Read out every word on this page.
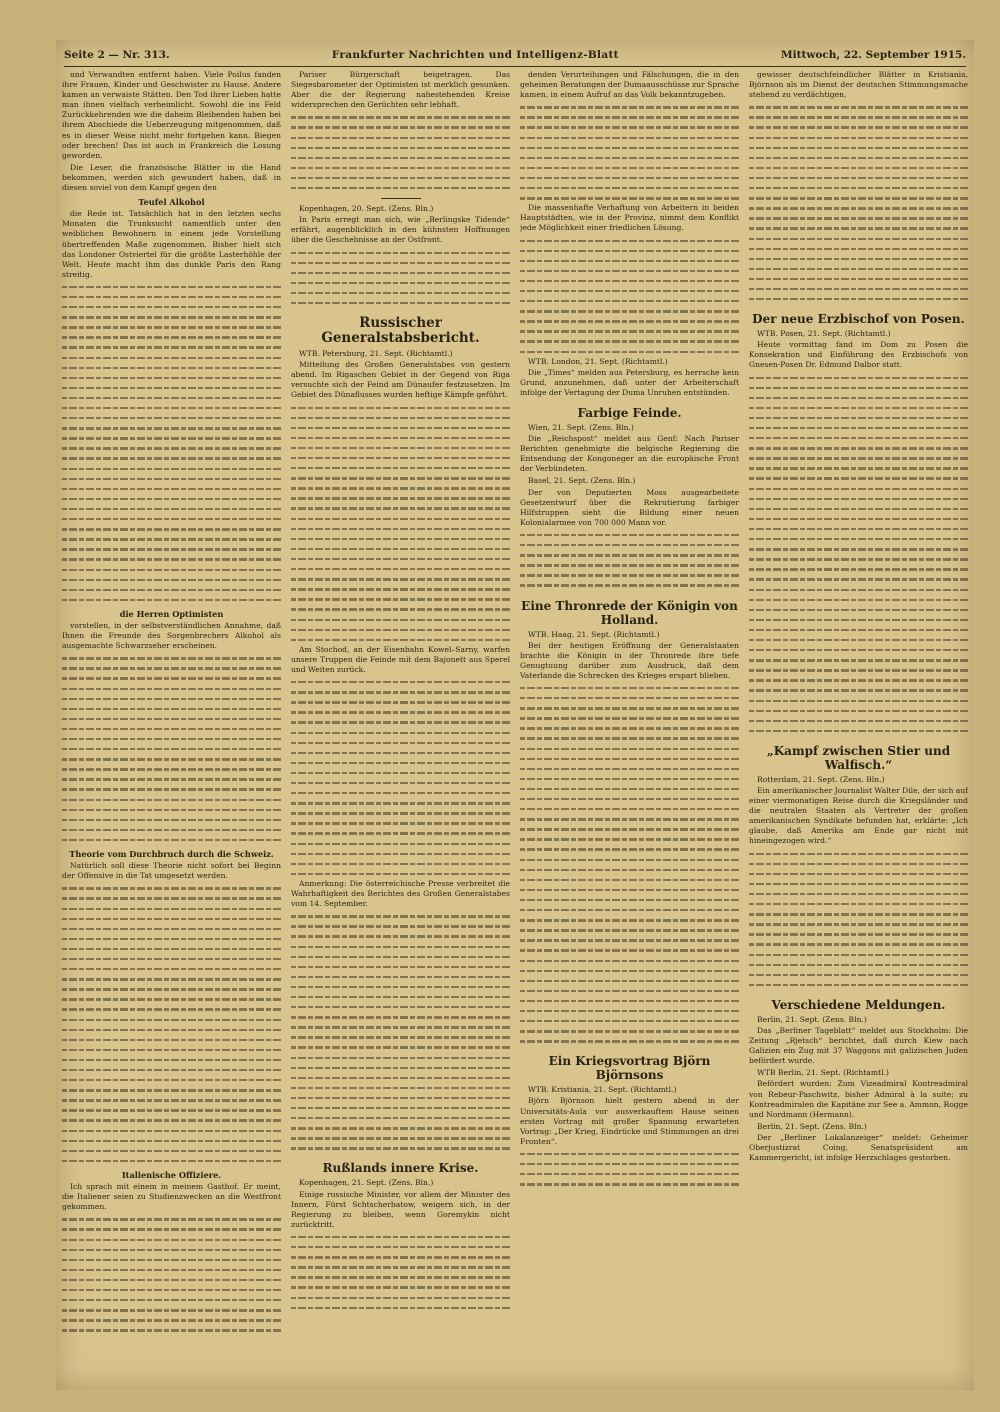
Seite 2 — Nr. 313.	Frankfurter Nachrichten und Intelligenz-Blatt	Mittwoch, 22. September 1915.

und Verwandten entfernt haben. Viele Poilus fanden ihre Frauen, Kinder und Geschwister zu Hause. Andere kamen an verwaiste Stätten. Den Tod ihrer Lieben hatte man ihnen vielfach verheimlicht. Sowohl die ins Feld Zurückkehrenden wie die daheim Bleibenden haben bei ihrem Abschiede die Ueberzeugung mitgenommen, daß es in dieser Weise nicht mehr fortgehen kann. Biegen oder brechen! Das ist auch in Frankreich die Losung geworden.

Die Leser, die französische Blätter in die Hand bekommen, werden sich gewundert haben, daß in diesen soviel von dem Kampf gegen den

Teufel Alkohol

die Rede ist. Tatsächlich hat in den letzten sechs Monaten die Trunksucht namentlich unter den weiblichen Bewohnern in einem jede Vorstellung übertreffenden Maße zugenommen. Bisher hielt sich das Londoner Ostviertel für die größte Lasterhöhle der Welt. Heute macht ihm das dunkle Paris den Rang streitig.

die Herren Optimisten

vorstellen, in der selbstverständlichen Annahme, daß Ihnen die Freunde des Sorgenbrechers Alkohol als ausgemachte Schwarzseher erscheinen.

Theorie vom Durchbruch durch die Schweiz.

Natürlich soll diese Theorie nicht sofort bei Beginn der Offensive in die Tat umgesetzt werden.

Italienische Offiziere.

Ich sprach mit einem in meinem Gasthof. Er meint, die Italiener seien zu Studienzwecken an die Westfront gekommen.

Pariser Bürgerschaft beigetragen. Das Siegesbarometer der Optimisten ist merklich gesunken. Aber die der Regierung nahestehenden Kreise widersprechen den Gerüchten sehr lebhaft.

Kopenhagen, 20. Sept. (Zens. Bln.)

In Paris erregt man sich, wie „Berlingske Tidende“ erfährt, augenblicklich in den kühnsten Hoffnungen über die Geschehnisse an der Ostfront.

Russischer Generalstabsbericht.

WTB. Petersburg, 21. Sept. (Richtamtl.)

Mitteilung des Großen Generalstabes von gestern abend. Im Rigaschen Gebiet in der Gegend von Riga versuchte sich der Feind am Dünaufer festzusetzen. Im Gebiet des Dünaflusses wurden heftige Kämpfe geführt.

Am Stochod, an der Eisenbahn Kowel–Sarny, warfen unsere Truppen die Feinde mit dem Bajonett aus Sperel und Weiten zurück.

Anmerkung: Die österreichische Presse verbreitet die Wahrhaftigkeit des Berichtes des Großen Generalstabes vom 14. September.

Rußlands innere Krise.

Kopenhagen, 21. Sept. (Zens. Bln.)

Einige russische Minister, vor allem der Minister des Innern, Fürst Schtscherbatow, weigern sich, in der Regierung zu bleiben, wenn Goremykin nicht zurücktritt.

denden Verurteilungen und Fälschungen, die in den geheimen Beratungen der Dumaausschüsse zur Sprache kamen, in einem Aufruf an das Volk bekanntzugeben.

Die massenhafte Verhaftung von Arbeitern in beiden Hauptstädten, wie in der Provinz, nimmt dem Konflikt jede Möglichkeit einer friedlichen Lösung.

WTB. London, 21. Sept. (Richtamtl.)

Die „Times“ melden aus Petersburg, es herrsche kein Grund, anzunehmen, daß unter der Arbeiterschaft infolge der Vertagung der Duma Unruhen entstünden.

Farbige Feinde.

Wien, 21. Sept. (Zens. Bln.)

Die „Reichspost“ meldet aus Genf: Nach Pariser Berichten genehmigte die belgische Regierung die Entsendung der Kongoneger an die europäische Front der Verbündeten.

Basel, 21. Sept. (Zens. Bln.)

Der von Deputierten Moss ausgearbeitete Gesetzentwurf über die Rekrutierung farbiger Hilfstruppen sieht die Bildung einer neuen Kolonialarmee von 700 000 Mann vor.

Eine Thronrede der Königin von Holland.

WTB. Haag, 21. Sept. (Richtamtl.)

Bei der heutigen Eröffnung der Generalstaaten brachte die Königin in der Thronrede ihre tiefe Genugtuung darüber zum Ausdruck, daß dem Vaterlande die Schrecken des Krieges erspart blieben.

Ein Kriegsvortrag Björn Björnsons

WTB. Kristiania, 21. Sept. (Richtamtl.)

Björn Björnson hielt gestern abend in der Universitäts-Aula vor ausverkauftem Hause seinen ersten Vortrag mit großer Spannung erwarteten Vortrag: „Der Krieg, Eindrücke und Stimmungen an drei Fronten“.

gewisser deutschfeindlicher Blätter in Kristiania, Björnson als im Dienst der deutschen Stimmungsmache stehend zu verdächtigen.

Der neue Erzbischof von Posen.

WTB. Posen, 21. Sept. (Richtamtl.)

Heute vormittag fand im Dom zu Posen die Konsekration und Einführung des Erzbischofs von Gnesen-Posen Dr. Edmund Dalbor statt.

„Kampf zwischen Stier und Walfisch.“

Rotterdam, 21. Sept. (Zens. Bln.)

Ein amerikanischer Journalist Walter Dile, der sich auf einer viermonatigen Reise durch die Kriegsländer und die neutralen Staaten als Vertreter der großen amerikanischen Syndikate befunden hat, erklärte: „Ich glaube, daß Amerika am Ende gar nicht mit hineingezogen wird.“

Verschiedene Meldungen.

Berlin, 21. Sept. (Zens. Bln.)

Das „Berliner Tageblatt“ meldet aus Stockholm: Die Zeitung „Rjetsch“ berichtet, daß durch Kiew nach Galizien ein Zug mit 37 Waggons mit galizischen Juden befördert wurde.

WTB Berlin, 21. Sept. (Richtamtl.)

Befördert wurden: Zum Vizeadmiral Kontreadmiral von Rebeur-Paschwitz, bisher Admiral à la suite; zu Kontreadmiralen die Kapitäne zur See a. Ammon, Rogge und Nordmann (Hermann).

Berlin, 21. Sept. (Zens. Bln.)

Der „Berliner Lokalanzeiger“ meldet: Geheimer Oberjustizrat Coing, Senatspräsident am Kammergericht, ist infolge Herzschlages gestorben.
